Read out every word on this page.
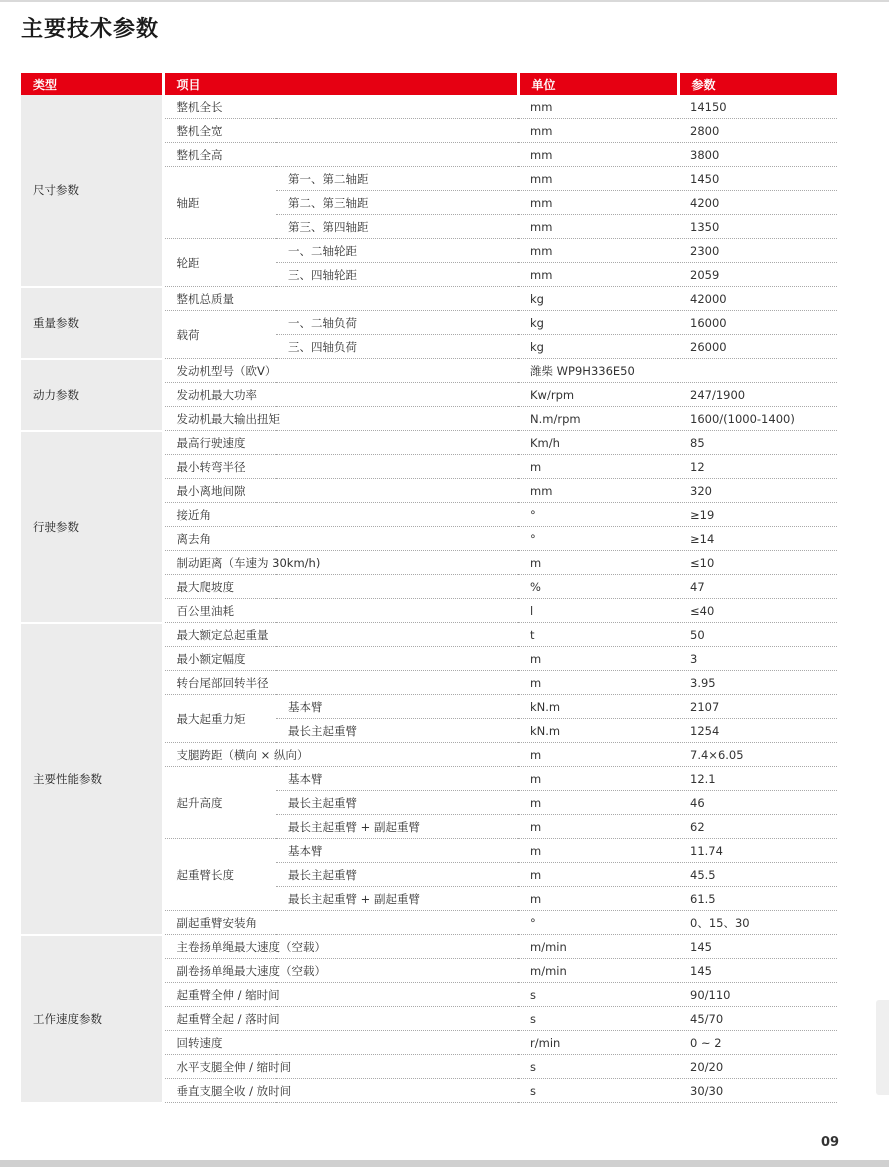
主要技术参数
类型	项目		单位	参数
尺寸参数	整机全长		mm	14150
	整机全宽		mm	2800
	整机全高		mm	3800
	轴距	第一、第二轴距	mm	1450
		第二、第三轴距	mm	4200
		第三、第四轴距	mm	1350
	轮距	一、二轴轮距	mm	2300
		三、四轴轮距	mm	2059
重量参数	整机总质量		kg	42000
	载荷	一、二轴负荷	kg	16000
		三、四轴负荷	kg	26000
动力参数	发动机型号（欧Ⅴ）		潍柴 WP9H336E50	
	发动机最大功率		Kw/rpm	247/1900
	发动机最大输出扭矩		N.m/rpm	1600/(1000-1400)
行驶参数	最高行驶速度		Km/h	85
	最小转弯半径		m	12
	最小离地间隙		mm	320
	接近角		°	≥19
	离去角		°	≥14
	制动距离（车速为 30km/h)		m	≤10
	最大爬坡度		%	47
	百公里油耗		l	≤40
主要性能参数	最大额定总起重量		t	50
	最小额定幅度		m	3
	转台尾部回转半径		m	3.95
	最大起重力矩	基本臂	kN.m	2107
		最长主起重臂	kN.m	1254
	支腿跨距（横向 × 纵向）		m	7.4×6.05
	起升高度	基本臂	m	12.1
		最长主起重臂	m	46
		最长主起重臂 + 副起重臂	m	62
	起重臂长度	基本臂	m	11.74
		最长主起重臂	m	45.5
		最长主起重臂 + 副起重臂	m	61.5
	副起重臂安装角		°	0、15、30
工作速度参数	主卷扬单绳最大速度（空载）		m/min	145
	副卷扬单绳最大速度（空载）		m/min	145
	起重臂全伸 / 缩时间		s	90/110
	起重臂全起 / 落时间		s	45/70
	回转速度		r/min	0 ~ 2
	水平支腿全伸 / 缩时间		s	20/20
	垂直支腿全收 / 放时间		s	30/30
09
